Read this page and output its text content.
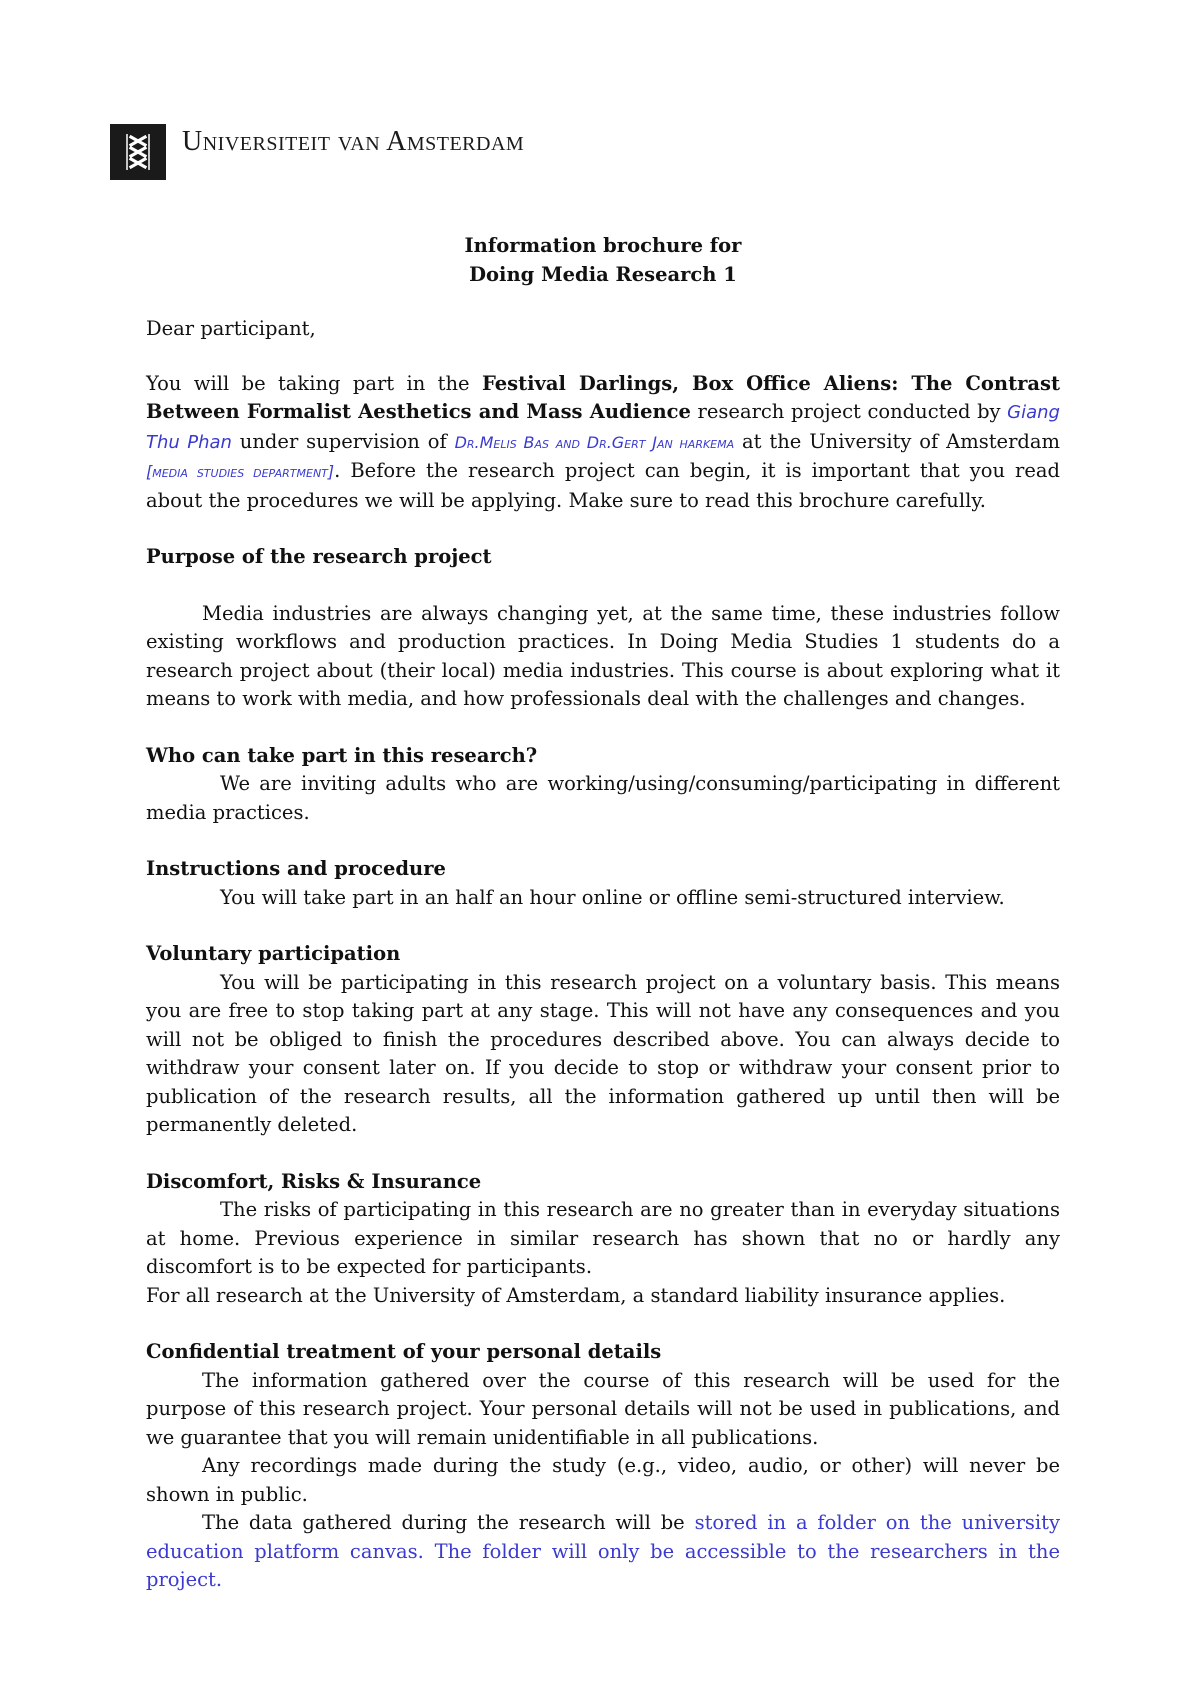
Universiteit van Amsterdam

Information brochure for

Doing Media Research 1

Dear participant,

You will be taking part in the Festival Darlings, Box Office Aliens: The Contrast Between Formalist Aesthetics and Mass Audience research project conducted by Giang Thu Phan under supervision of Dr.Melis Bas and Dr.Gert Jan harkema at the University of Amsterdam [media studies department]. Before the research project can begin, it is important that you read about the procedures we will be applying. Make sure to read this brochure carefully.

Purpose of the research project

Media industries are always changing yet, at the same time, these industries follow existing workflows and production practices. In Doing Media Studies 1 students do a research project about (their local) media industries. This course is about exploring what it means to work with media, and how professionals deal with the challenges and changes.

Who can take part in this research?

We are inviting adults who are working/using/consuming/participating in different media practices.

Instructions and procedure

You will take part in an half an hour online or offline semi-structured interview.

Voluntary participation

You will be participating in this research project on a voluntary basis. This means you are free to stop taking part at any stage. This will not have any consequences and you will not be obliged to finish the procedures described above. You can always decide to withdraw your consent later on. If you decide to stop or withdraw your consent prior to publication of the research results, all the information gathered up until then will be permanently deleted.

Discomfort, Risks & Insurance

The risks of participating in this research are no greater than in everyday situations at home. Previous experience in similar research has shown that no or hardly any discomfort is to be expected for participants.

For all research at the University of Amsterdam, a standard liability insurance applies.

Confidential treatment of your personal details

The information gathered over the course of this research will be used for the purpose of this research project. Your personal details will not be used in publications, and we guarantee that you will remain unidentifiable in all publications.

Any recordings made during the study (e.g., video, audio, or other) will never be shown in public.

The data gathered during the research will be stored in a folder on the university education platform canvas. The folder will only be accessible to the researchers in the project.
